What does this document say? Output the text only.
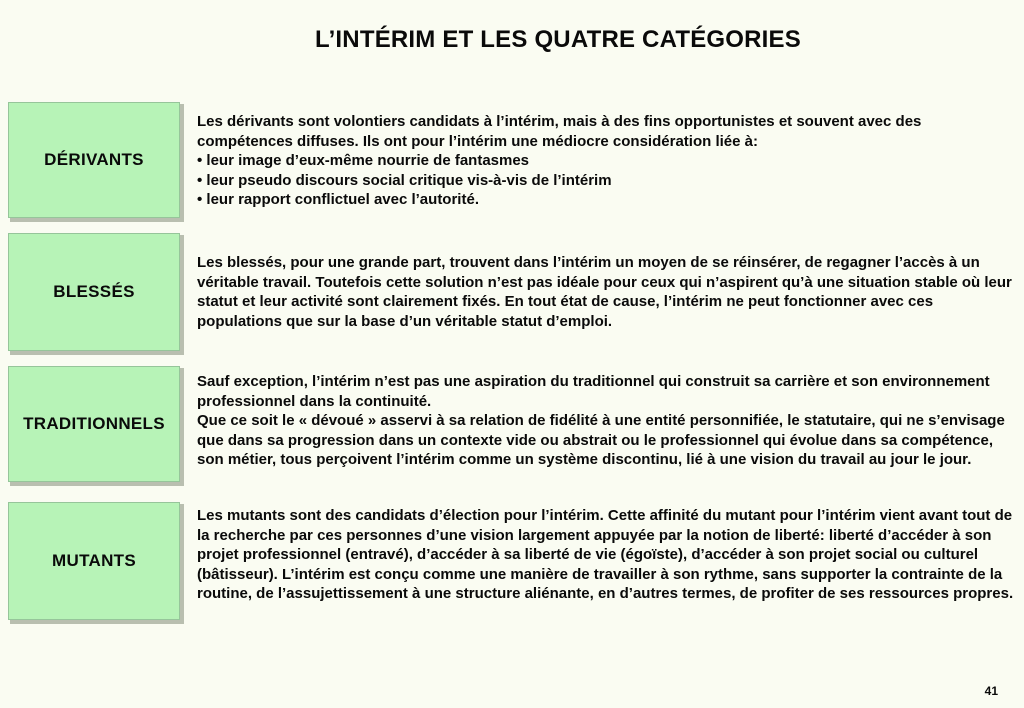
L’INTÉRIM ET LES QUATRE CATÉGORIES
DÉRIVANTS

Les dérivants sont volontiers candidats à l’intérim, mais à des fins opportunistes et souvent avec des compétences diffuses. Ils ont pour l’intérim une médiocre considération liée à:

• leur image d’eux-même nourrie de fantasmes

• leur pseudo discours social critique vis-à-vis de l’intérim

• leur rapport conflictuel avec l’autorité.

BLESSÉS

Les blessés, pour une grande part, trouvent dans l’intérim un moyen de se réinsérer, de regagner l’accès à un véritable travail. Toutefois cette solution n’est pas idéale pour ceux qui n’aspirent qu’à une situation stable où leur statut et leur activité sont clairement fixés. En tout état de cause, l’intérim ne peut fonctionner avec ces populations que sur la base d’un véritable statut d’emploi.

TRADITIONNELS

Sauf exception, l’intérim n’est pas une aspiration du traditionnel qui construit sa carrière et son environnement professionnel dans la continuité.

Que ce soit le « dévoué » asservi à sa relation de fidélité à une entité personnifiée, le statutaire, qui ne s’envisage que dans sa progression dans un contexte vide ou abstrait ou le professionnel qui évolue dans sa compétence, son métier, tous perçoivent l’intérim comme un système discontinu, lié à une vision du travail au jour le jour.

MUTANTS

Les mutants sont des candidats d’élection pour l’intérim. Cette affinité du mutant pour l’intérim vient avant tout de la recherche par ces personnes d’une vision largement appuyée par la notion de liberté: liberté d’accéder à son projet professionnel (entravé), d’accéder à sa liberté de vie (égoïste), d’accéder à son projet social ou culturel (bâtisseur). L’intérim est conçu comme une manière de travailler à son rythme, sans supporter la contrainte de la routine, de l’assujettissement à une structure aliénante, en d’autres termes, de profiter de ses ressources propres.

41
